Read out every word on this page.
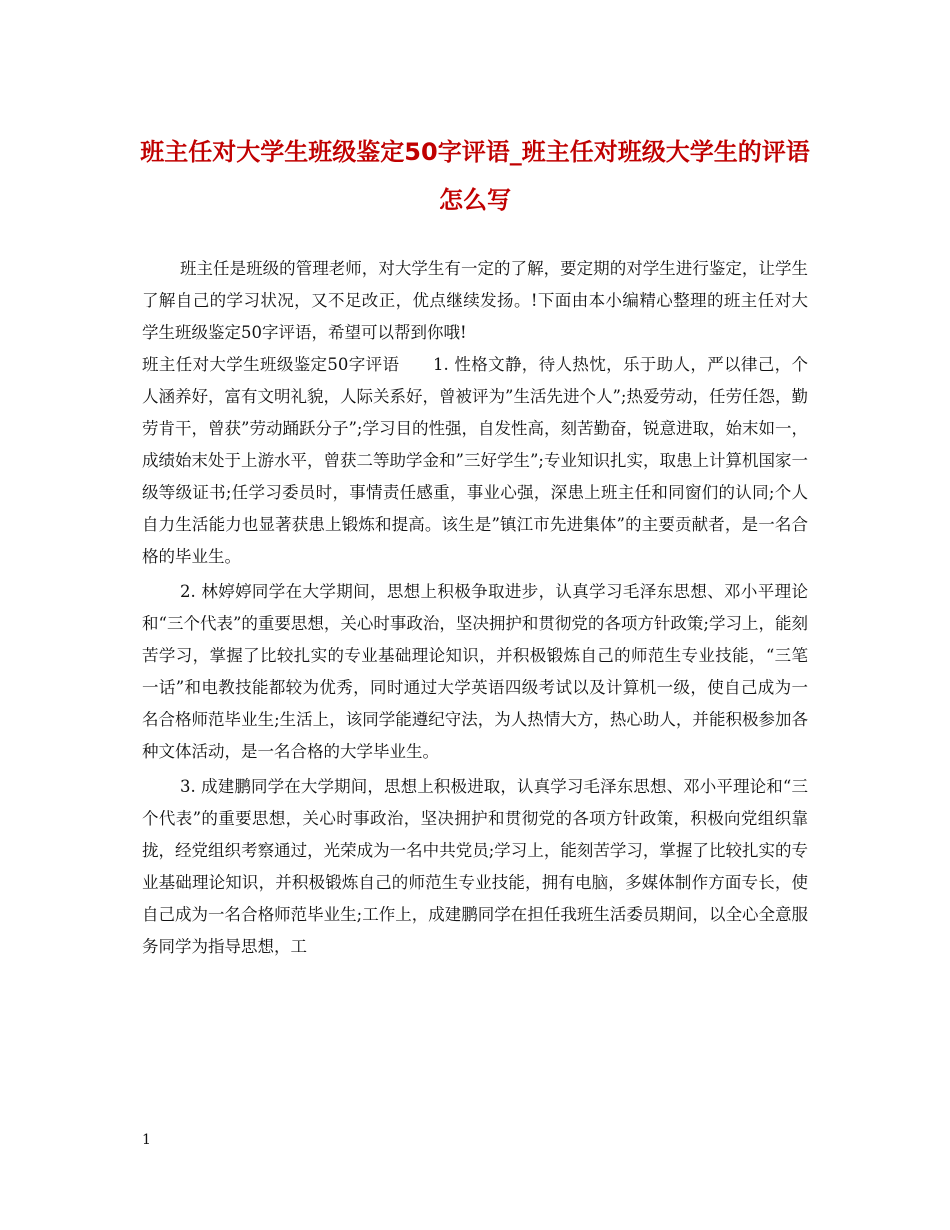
班主任对大学生班级鉴定50字评语_班主任对班级大学生的评语怎么写

班主任是班级的管理老师，对大学生有一定的了解，要定期的对学生进行鉴定，让学生了解自己的学习状况，又不足改正，优点继续发扬。!下面由本小编精心整理的班主任对大学生班级鉴定50字评语，希望可以帮到你哦!

班主任对大学生班级鉴定50字评语　　1. 性格文静，待人热忱，乐于助人，严以律己，个人涵养好，富有文明礼貌，人际关系好，曾被评为”生活先进个人”;热爱劳动，任劳任怨，勤劳肯干，曾获”劳动踊跃分子”;学习目的性强，自发性高，刻苦勤奋，锐意进取，始末如一，成绩始末处于上游水平，曾获二等助学金和”三好学生”;专业知识扎实，取患上计算机国家一级等级证书;任学习委员时，事情责任感重，事业心强，深患上班主任和同窗们的认同;个人自力生活能力也显著获患上锻炼和提高。该生是”镇江市先进集体”的主要贡献者，是一名合格的毕业生。

2. 林婷婷同学在大学期间，思想上积极争取进步，认真学习毛泽东思想、邓小平理论和“三个代表”的重要思想，关心时事政治，坚决拥护和贯彻党的各项方针政策;学习上，能刻苦学习，掌握了比较扎实的专业基础理论知识，并积极锻炼自己的师范生专业技能，“三笔一话”和电教技能都较为优秀，同时通过大学英语四级考试以及计算机一级，使自己成为一名合格师范毕业生;生活上，该同学能遵纪守法，为人热情大方，热心助人，并能积极参加各种文体活动，是一名合格的大学毕业生。

3. 成建鹏同学在大学期间，思想上积极进取，认真学习毛泽东思想、邓小平理论和“三个代表”的重要思想，关心时事政治，坚决拥护和贯彻党的各项方针政策，积极向党组织靠拢，经党组织考察通过，光荣成为一名中共党员;学习上，能刻苦学习，掌握了比较扎实的专业基础理论知识，并积极锻炼自己的师范生专业技能，拥有电脑，多媒体制作方面专长，使自己成为一名合格师范毕业生;工作上，成建鹏同学在担任我班生活委员期间，以全心全意服务同学为指导思想，工

1
